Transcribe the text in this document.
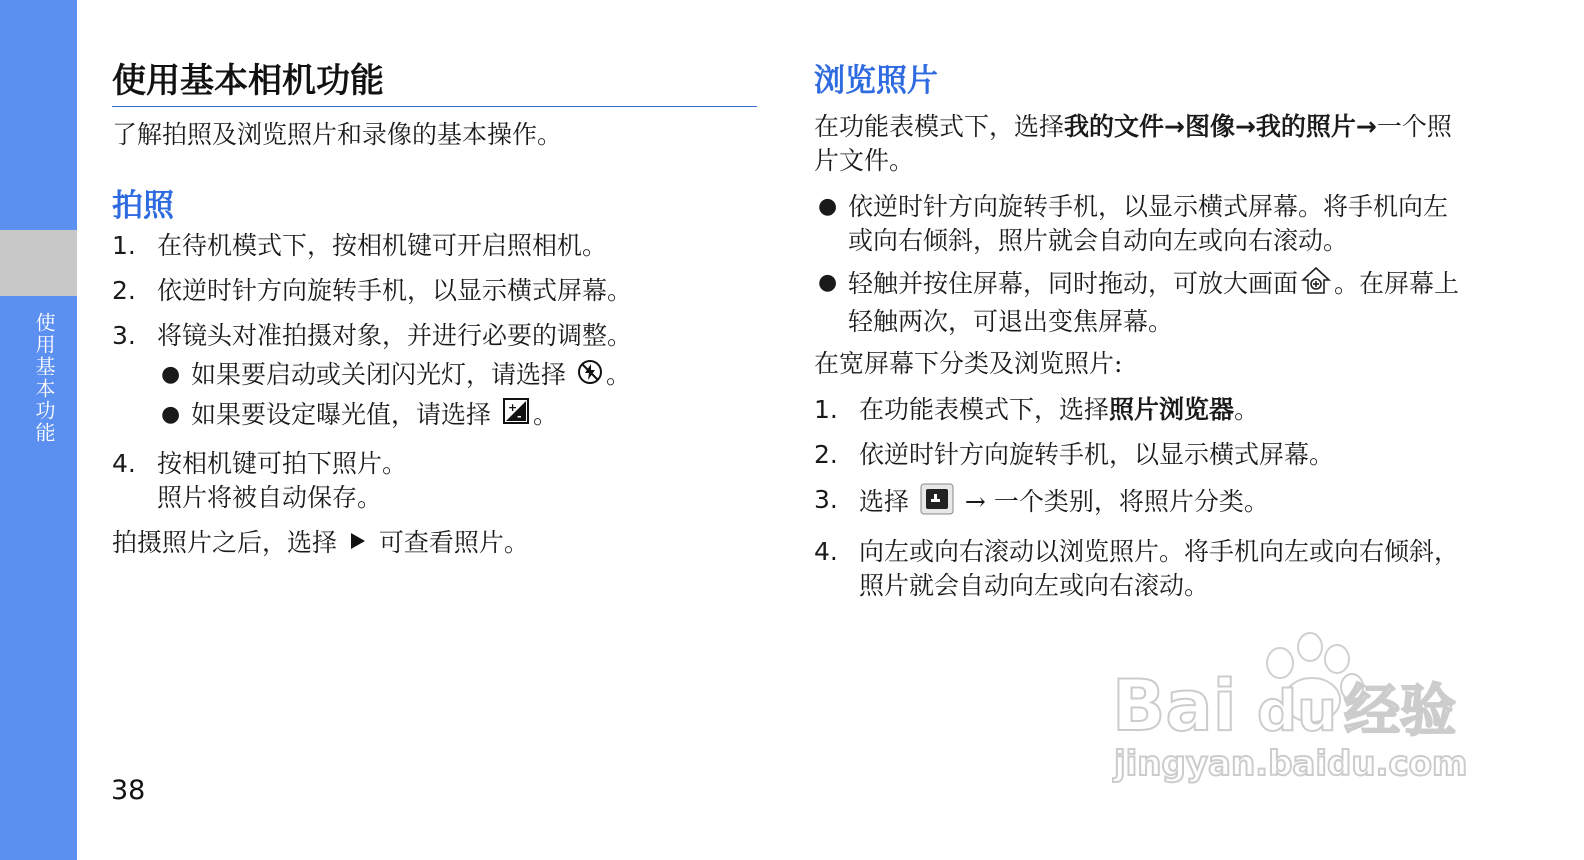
使用基本功能
使用基本相机功能

了解拍照及浏览照片和录像的基本操作。

拍照
1. 在待机模式下，按相机键可开启照相机。
2. 依逆时针方向旋转手机，以显示横式屏幕。
3. 将镜头对准拍摄对象，并进行必要的调整。
● 如果要启动或关闭闪光灯，请选择 。
● 如果要设定曝光值，请选择 +
- 。
4. 按相机键可拍下照片。
照片将被自动保存。

拍摄照片之后，选择 可查看照片。

浏览照片

在功能表模式下，选择我的文件→图像→我的照片→一个照片文件。

● 依逆时针方向旋转手机，以显示横式屏幕。将手机向左或向右倾斜，照片就会自动向左或向右滚动。
● 轻触并按住屏幕，同时拖动，可放大画面 。在屏幕上轻触两次，可退出变焦屏幕。

在宽屏幕下分类及浏览照片:

1. 在功能表模式下，选择照片浏览器。
2. 依逆时针方向旋转手机，以显示横式屏幕。
3. 选择 → 一个类别，将照片分类。
4. 向左或向右滚动以浏览照片。将手机向左或向右倾斜，照片就会自动向左或向右滚动。
38
Bai du 经验
jingyan.baidu.com
